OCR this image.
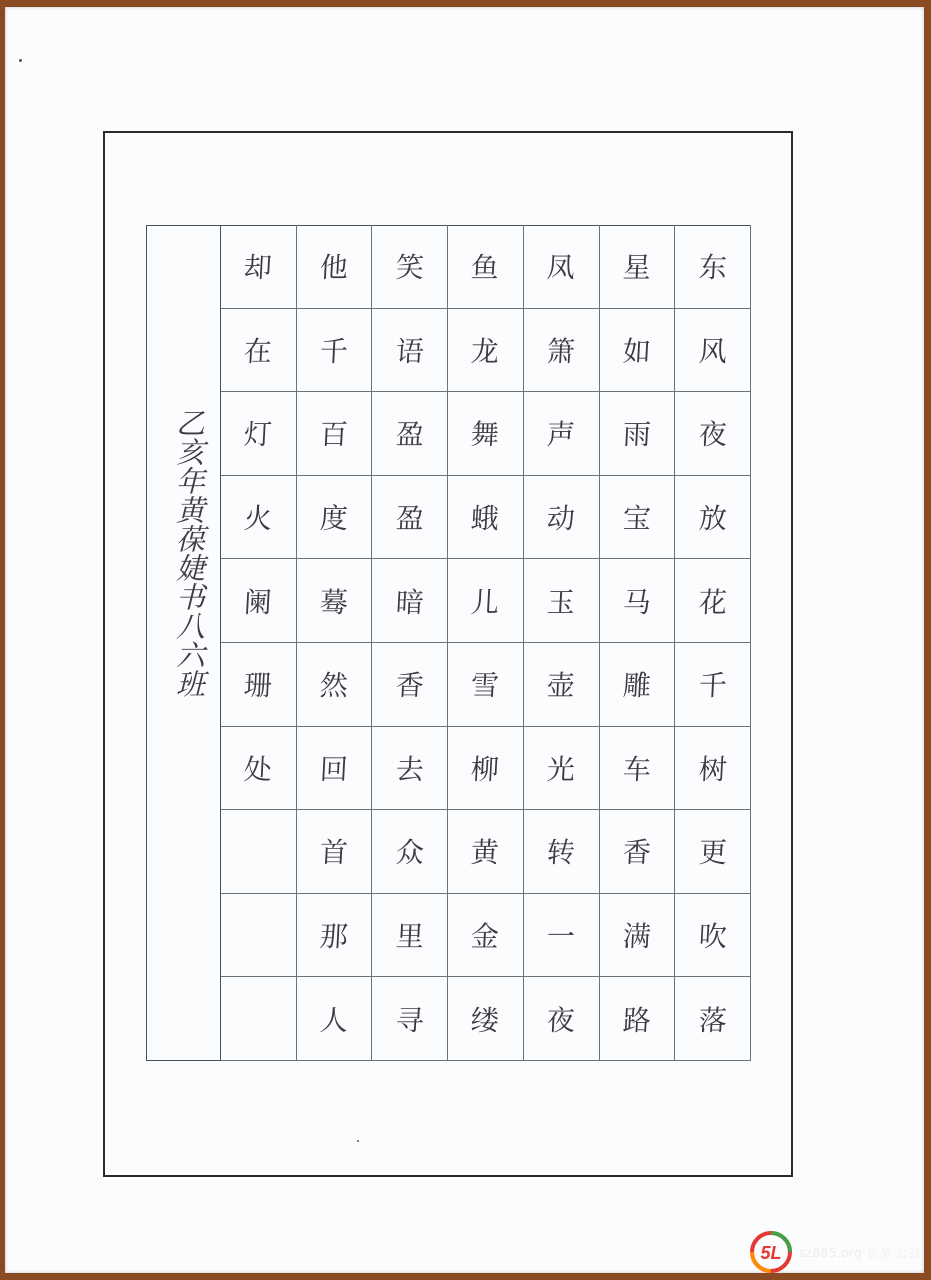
乙亥年黄葆婕书八六班
东
风
夜
放
花
千
树
更
吹
落
星
如
雨
宝
马
雕
车
香
满
路
凤
箫
声
动
玉
壶
光
转
一
夜
鱼
龙
舞
蛾
儿
雪
柳
黄
金
缕
笑
语
盈
盈
暗
香
去
众
里
寻
他
千
百
度
蓦
然
回
首
那
人
却
在
灯
火
阑
珊
处
5L sz885.org 长全 公益
